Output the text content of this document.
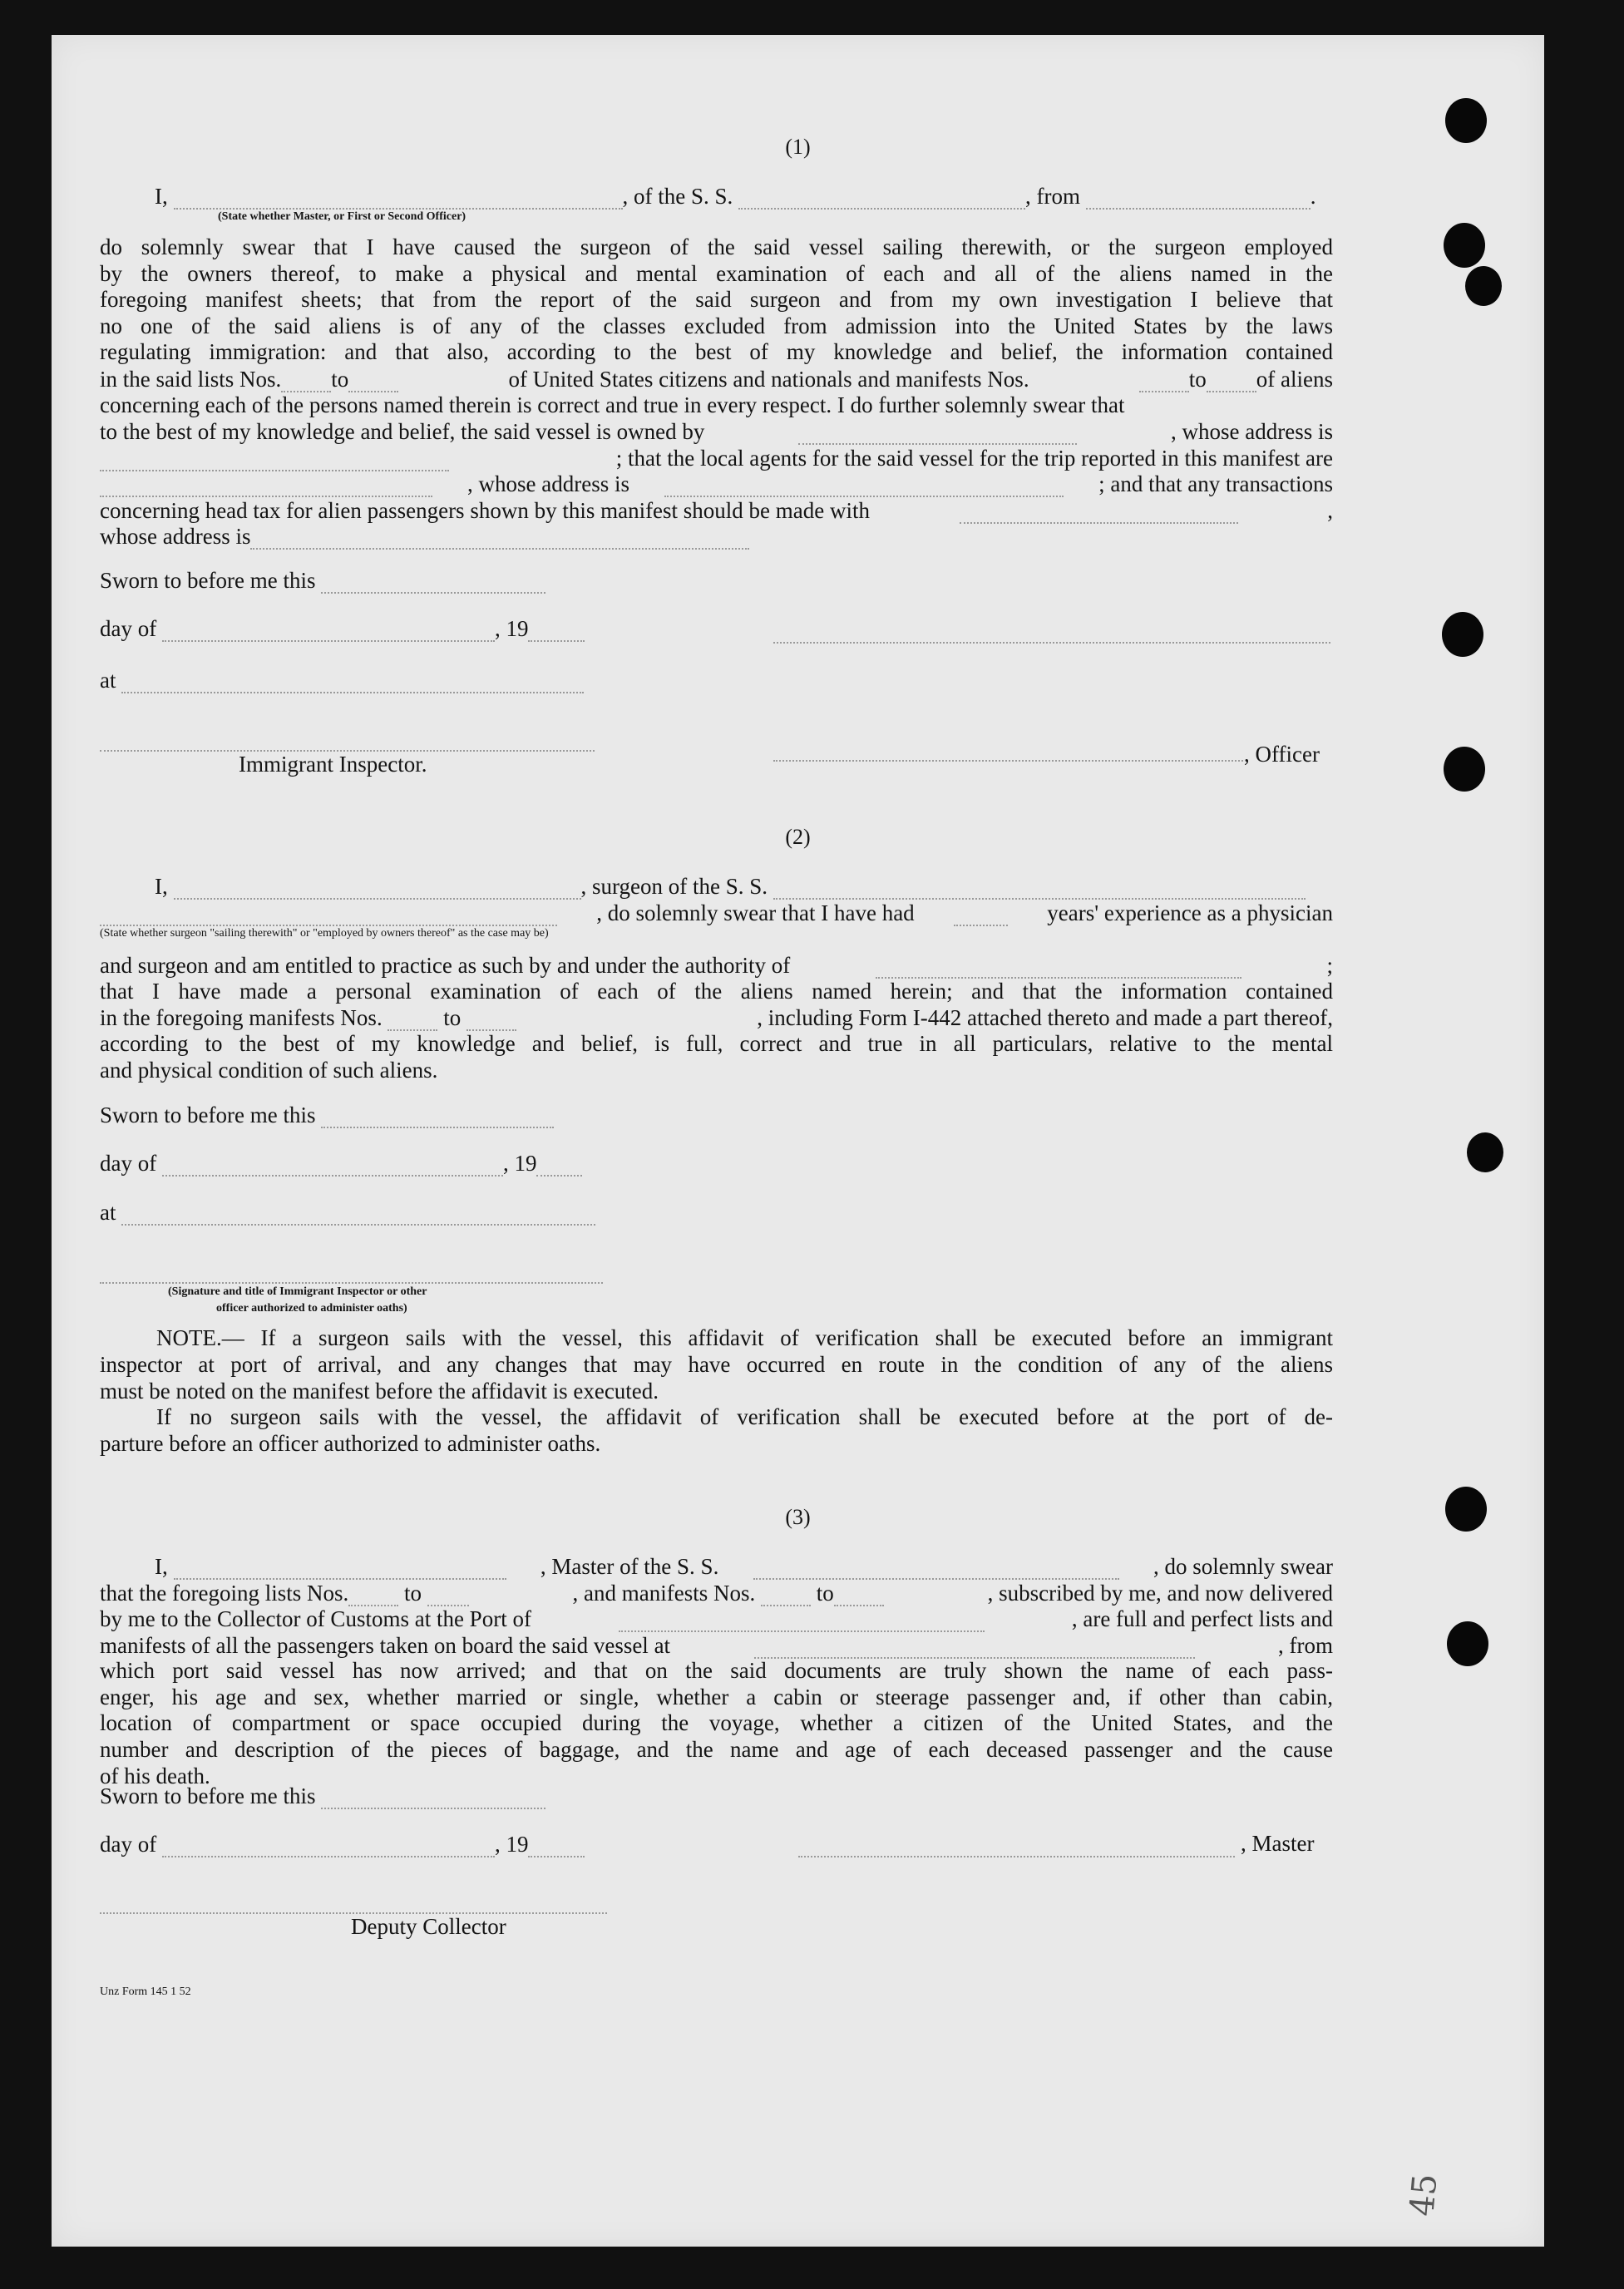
(1)
I,	, of the S. S.	, from	.
(State whether Master, or First or Second Officer)
do solemnly swear that I have caused the surgeon of the said vessel sailing therewith, or the surgeon employed
by the owners thereof, to make a physical and mental examination of each and all of the aliens named in the
foregoing manifest sheets; that from the report of the said surgeon and from my own investigation I believe that
no one of the said aliens is of any of the classes excluded from admission into the United States by the laws
regulating immigration: and that also, according to the best of my knowledge and belief, the information contained
in the said lists Nos. to	of United States citizens and nationals and manifests Nos.	to of aliens
concerning each of the persons named therein is correct and true in every respect. I do further solemnly swear that
to the best of my knowledge and belief, the said vessel is owned by	, whose address is
; that the local agents for the said vessel for the trip reported in this manifest are
, whose address is	; and that any transactions
concerning head tax for alien passengers shown by this manifest should be made with	,
whose address is
Sworn to before me this
day of	, 19
at
Immigrant Inspector.	, Officer
(2)
I,	, surgeon of the S. S.
, do solemnly swear that I have had	years' experience as a physician
(State whether surgeon "sailing therewith" or "employed by owners thereof" as the case may be)
and surgeon and am entitled to practice as such by and under the authority of	;
that I have made a personal examination of each of the aliens named herein; and that the information contained
in the foregoing manifests Nos.	to	, including Form I-442 attached thereto and made a part thereof,
according to the best of my knowledge and belief, is full, correct and true in all particulars, relative to the mental
and physical condition of such aliens.
Sworn to before me this
day of	, 19
at
(Signature and title of Immigrant Inspector or other
officer authorized to administer oaths)
NOTE.— If a surgeon sails with the vessel, this affidavit of verification shall be executed before an immigrant
inspector at port of arrival, and any changes that may have occurred en route in the condition of any of the aliens
must be noted on the manifest before the affidavit is executed.
If no surgeon sails with the vessel, the affidavit of verification shall be executed before at the port of de-
parture before an officer authorized to administer oaths.
(3)
I,	, Master of the S. S.	, do solemnly swear
that the foregoing lists Nos. to	, and manifests Nos.	to	, subscribed by me, and now delivered
by me to the Collector of Customs at the Port of	, are full and perfect lists and
manifests of all the passengers taken on board the said vessel at	, from
which port said vessel has now arrived; and that on the said documents are truly shown the name of each pass-
enger, his age and sex, whether married or single, whether a cabin or steerage passenger and, if other than cabin,
location of compartment or space occupied during the voyage, whether a citizen of the United States, and the
number and description of the pieces of baggage, and the name and age of each deceased passenger and the cause
of his death.
Sworn to before me this
day of	, 19	, Master
Deputy Collector
Unz Form 145 1 52
45
